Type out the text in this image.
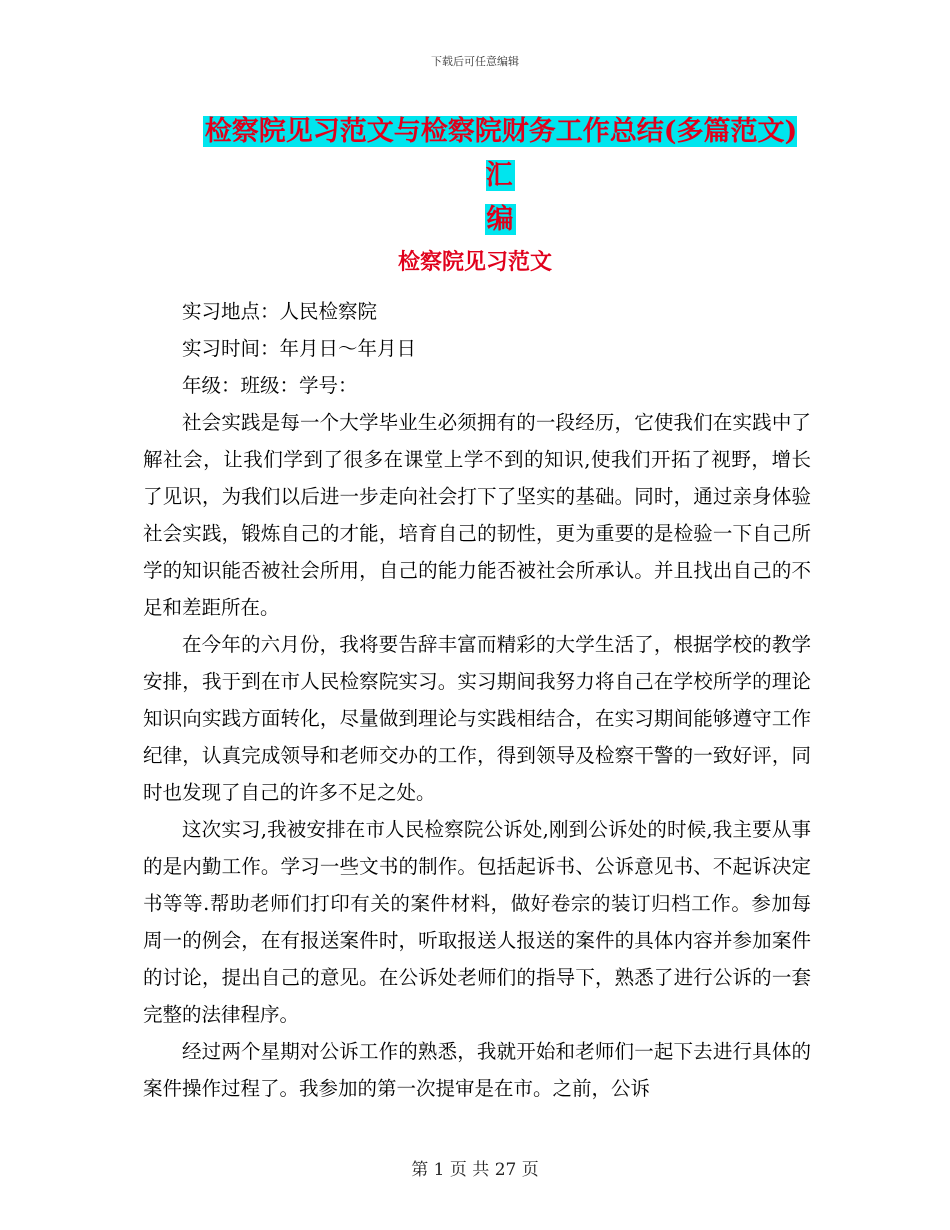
下载后可任意编辑
检察院见习范文与检察院财务工作总结(多篇范文)汇
编
检察院见习范文

实习地点：人民检察院

实习时间：年月日～年月日

年级：班级：学号：

社会实践是每一个大学毕业生必须拥有的一段经历，它使我们在实践中了解社会，让我们学到了很多在课堂上学不到的知识,使我们开拓了视野，增长了见识，为我们以后进一步走向社会打下了坚实的基础。同时，通过亲身体验社会实践，锻炼自己的才能，培育自己的韧性，更为重要的是检验一下自己所学的知识能否被社会所用，自己的能力能否被社会所承认。并且找出自己的不足和差距所在。

在今年的六月份，我将要告辞丰富而精彩的大学生活了，根据学校的教学安排，我于到在市人民检察院实习。实习期间我努力将自己在学校所学的理论知识向实践方面转化，尽量做到理论与实践相结合，在实习期间能够遵守工作纪律，认真完成领导和老师交办的工作，得到领导及检察干警的一致好评，同时也发现了自己的许多不足之处。

这次实习,我被安排在市人民检察院公诉处,刚到公诉处的时候,我主要从事的是内勤工作。学习一些文书的制作。包括起诉书、公诉意见书、不起诉决定书等等.帮助老师们打印有关的案件材料，做好卷宗的装订归档工作。参加每周一的例会，在有报送案件时，听取报送人报送的案件的具体内容并参加案件的讨论，提出自己的意见。在公诉处老师们的指导下，熟悉了进行公诉的一套完整的法律程序。

经过两个星期对公诉工作的熟悉，我就开始和老师们一起下去进行具体的案件操作过程了。我参加的第一次提审是在市。之前，公诉

第 1 页 共 27 页
